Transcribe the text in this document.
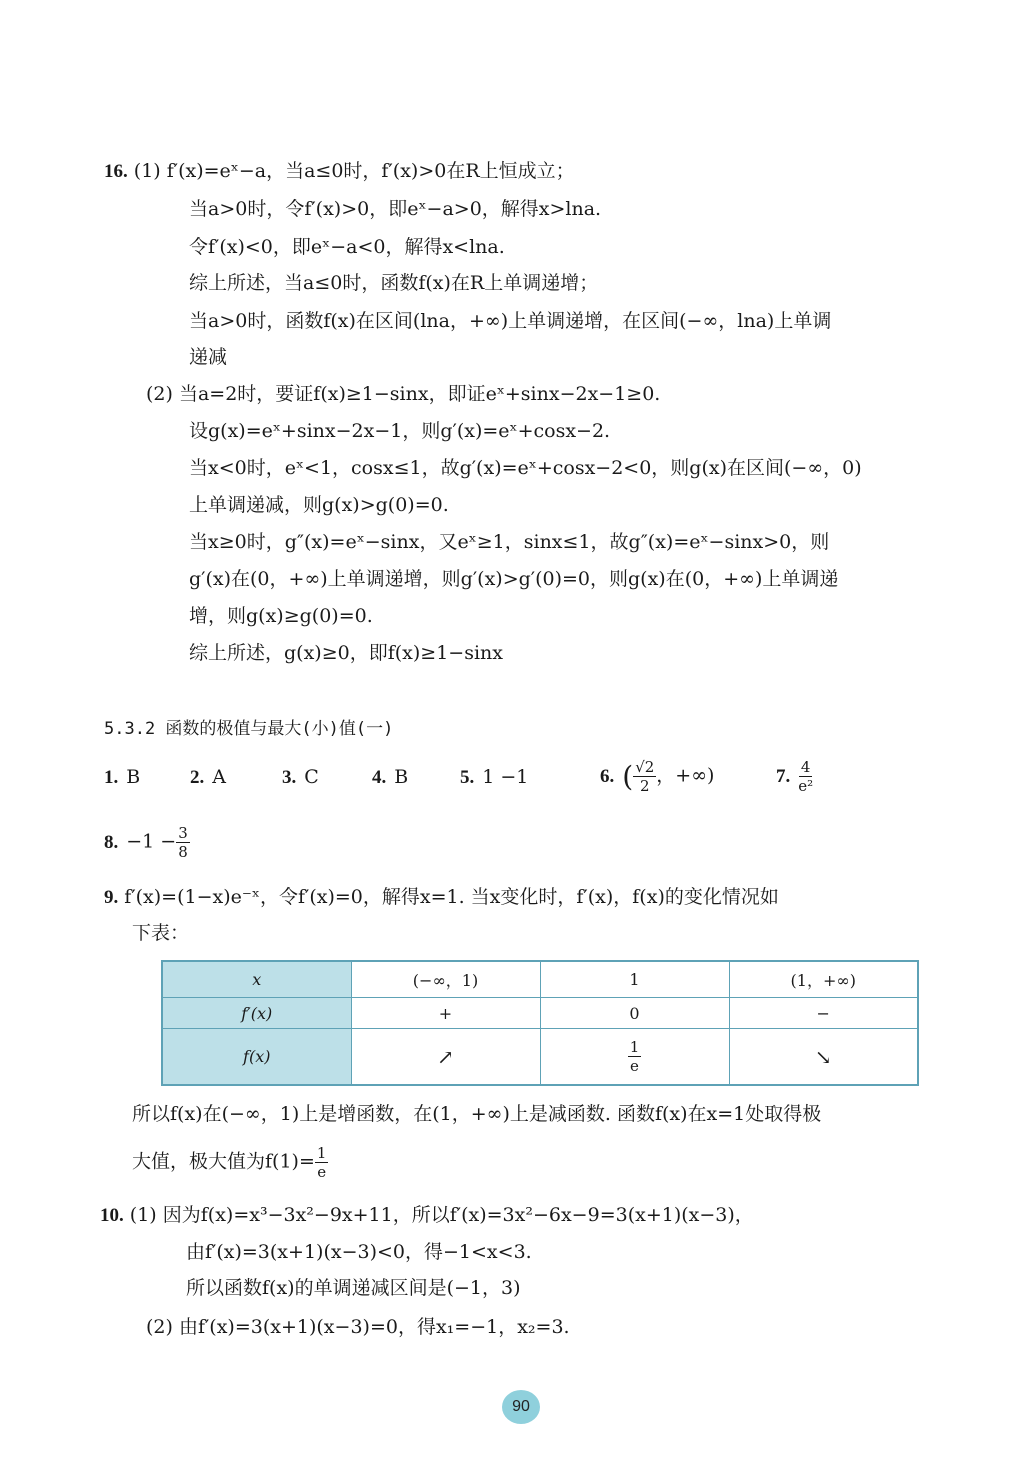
16. (1) f′(x)=eˣ−a，当a≤0时，f′(x)>0在R上恒成立；
当a>0时，令f′(x)>0，即eˣ−a>0，解得x>lna.
令f′(x)<0，即eˣ−a<0，解得x<lna.
综上所述，当a≤0时，函数f(x)在R上单调递增；
当a>0时，函数f(x)在区间(lna，+∞)上单调递增，在区间(−∞，lna)上单调
递减
(2) 当a=2时，要证f(x)≥1−sinx，即证eˣ+sinx−2x−1≥0.
设g(x)=eˣ+sinx−2x−1，则g′(x)=eˣ+cosx−2.
当x<0时，eˣ<1，cosx≤1，故g′(x)=eˣ+cosx−2<0，则g(x)在区间(−∞，0)
上单调递减，则g(x)>g(0)=0.
当x≥0时，g″(x)=eˣ−sinx，又eˣ≥1，sinx≤1，故g″(x)=eˣ−sinx>0，则
g′(x)在(0，+∞)上单调递增，则g′(x)>g′(0)=0，则g(x)在(0，+∞)上单调递
增，则g(x)≥g(0)=0.
综上所述，g(x)≥0，即f(x)≥1−sinx
5.3.2 函数的极值与最大(小)值(一)
1. B	2. A	3. C	4. B	5. 1 −1	6. ( $\frac{√2}{2}$ ，+∞)	7. $\frac{4}{\text{e²}}$
8. $-1 - \frac{3}{8}$
9. f′(x)=(1−x)e⁻ˣ，令f′(x)=0，解得x=1. 当x变化时，f′(x)，f(x)的变化情况如
下表：
x	(−∞，1)	1	(1，+∞)
f′(x)	+	0	−
f(x)	↗	$\frac{1}{e}$	↘
所以f(x)在(−∞，1)上是增函数，在(1，+∞)上是减函数. 函数f(x)在x=1处取得极
大值，极大值为$f(1)= \frac{1}{e}$
10. (1) 因为f(x)=x³−3x²−9x+11，所以f′(x)=3x²−6x−9=3(x+1)(x−3)，
由f′(x)=3(x+1)(x−3)<0，得−1<x<3.
所以函数f(x)的单调递减区间是(−1，3)
(2) 由f′(x)=3(x+1)(x−3)=0，得x₁=−1，x₂=3.
90
